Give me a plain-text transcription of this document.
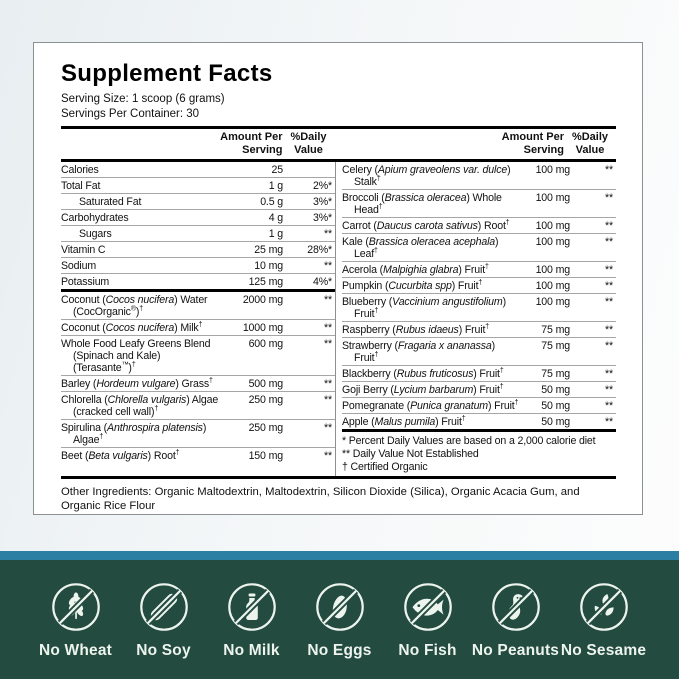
Supplement Facts
Serving Size: 1 scoop (6 grams)
Servings Per Container: 30
Amount Per Serving
%Daily Value
Amount Per Serving
%Daily Value
Calories	25
Total Fat	1 g	2%*
Saturated Fat	0.5 g	3%*
Carbohydrates	4 g	3%*
Sugars	1 g	**
Vitamin C	25 mg	28%*
Sodium	10 mg	**
Potassium	125 mg	4%*
Coconut (Cocos nucifera) Water (CocOrganic®)†
2000 mg	**
Coconut (Cocos nucifera) Milk†	1000 mg	**
Whole Food Leafy Greens Blend (Spinach and Kale) (Terasante™)†
600 mg	**
Barley (Hordeum vulgare) Grass†	500 mg	**
Chlorella (Chlorella vulgaris) Algae (cracked cell wall)†
250 mg	**
Spirulina (Anthrospira platensis) Algae†
250 mg	**
Beet (Beta vulgaris) Root†	150 mg	**
Celery (Apium graveolens var. dulce) Stalk†
100 mg	**
Broccoli (Brassica oleracea) Whole Head†
100 mg	**
Carrot (Daucus carota sativus) Root†	100 mg	**
Kale (Brassica oleracea acephala) Leaf†
100 mg	**
Acerola (Malpighia glabra) Fruit†	100 mg	**
Pumpkin (Cucurbita spp) Fruit†	100 mg	**
Blueberry (Vaccinium angustifolium) Fruit†
100 mg	**
Raspberry (Rubus idaeus) Fruit†	75 mg	**
Strawberry (Fragaria x ananassa) Fruit†
75 mg	**
Blackberry (Rubus fruticosus) Fruit†	75 mg	**
Goji Berry (Lycium barbarum) Fruit†	50 mg	**
Pomegranate (Punica granatum) Fruit†	50 mg	**
Apple (Malus pumila) Fruit†	50 mg	**
* Percent Daily Values are based on a 2,000 calorie diet
** Daily Value Not Established
† Certified Organic

Other Ingredients: Organic Maltodextrin, Maltodextrin, Silicon Dioxide (Silica), Organic Acacia Gum, and Organic Rice Flour

No Wheat No Soy No Milk No Eggs No Fish No Peanuts No Sesame
